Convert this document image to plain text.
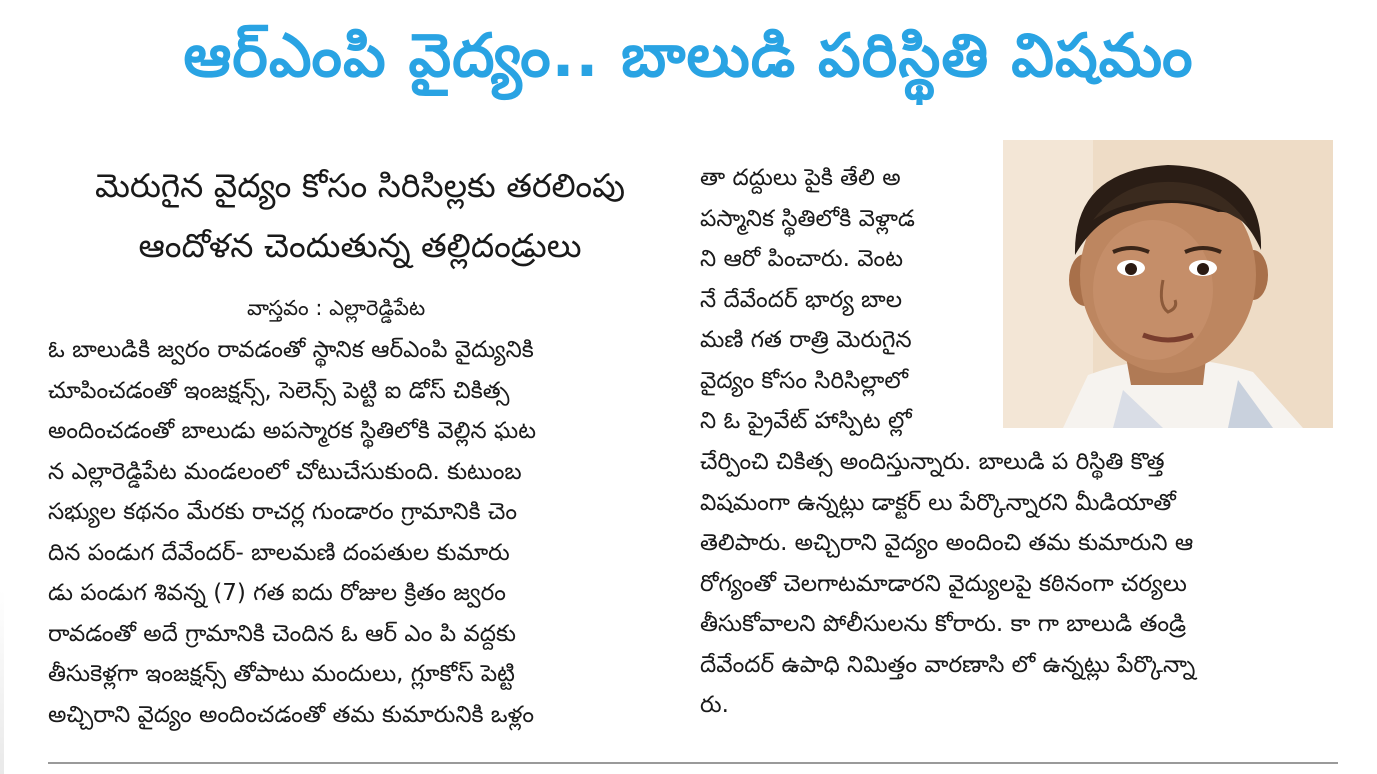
ఆర్‌ఎంపి వైద్యం.. బాలుడి పరిస్థితి విషమం
మెరుగైన వైద్యం కోసం సిరిసిల్లకు తరలింపు
ఆందోళన చెందుతున్న తల్లిదండ్రులు
వాస్తవం : ఎల్లారెడ్డిపేట
ఓ బాలుడికి జ్వరం రావడంతో స్థానిక ఆర్‌ఎంపి వైద్యునికి
చూపించడంతో ఇంజక్షన్స్, సెలెన్స్ పెట్టి ఐ డోస్ చికిత్స
అందించడంతో బాలుడు అపస్మారక స్థితిలోకి వెల్లిన ఘట
న ఎల్లారెడ్డిపేట మండలంలో చోటుచేసుకుంది. కుటుంబ
సభ్యుల కథనం మేరకు రాచర్ల గుండారం గ్రామానికి చెం
దిన పండుగ దేవేందర్- బాలమణి దంపతుల కుమారు
డు పండుగ శివన్న (7) గత ఐదు రోజుల క్రితం జ్వరం
రావడంతో అదే గ్రామానికి చెందిన ఓ ఆర్ ఎం పి వద్దకు
తీసుకెళ్లగా ఇంజక్షన్స్ తోపాటు మందులు, గ్లూకోస్ పెట్టి
అచ్చిరాని వైద్యం అందించడంతో తమ కుమారునికి ఒళ్లం
తా దద్దులు పైకి తేలి అ
పస్మానిక స్థితిలోకి వెళ్లాడ
ని ఆరో పించారు. వెంట
నే దేవేందర్ భార్య బాల
మణి గత రాత్రి మెరుగైన
వైద్యం కోసం సిరిసిల్లాలో
ని ఓ ప్రైవేట్ హాస్పిట ల్లో
చేర్పించి చికిత్స అందిస్తున్నారు. బాలుడి ప రిస్థితి కొత్త
విషమంగా ఉన్నట్లు డాక్టర్ లు పేర్కొన్నారని మీడియాతో
తెలిపారు. అచ్చిరాని వైద్యం అందించి తమ కుమారుని ఆ
రోగ్యంతో చెలగాటమాడారని వైద్యులపై కఠినంగా చర్యలు
తీసుకోవాలని పోలీసులను కోరారు. కా గా బాలుడి తండ్రి
దేవేందర్ ఉపాధి నిమిత్తం వారణాసి లో ఉన్నట్లు పేర్కొన్నా
రు.
